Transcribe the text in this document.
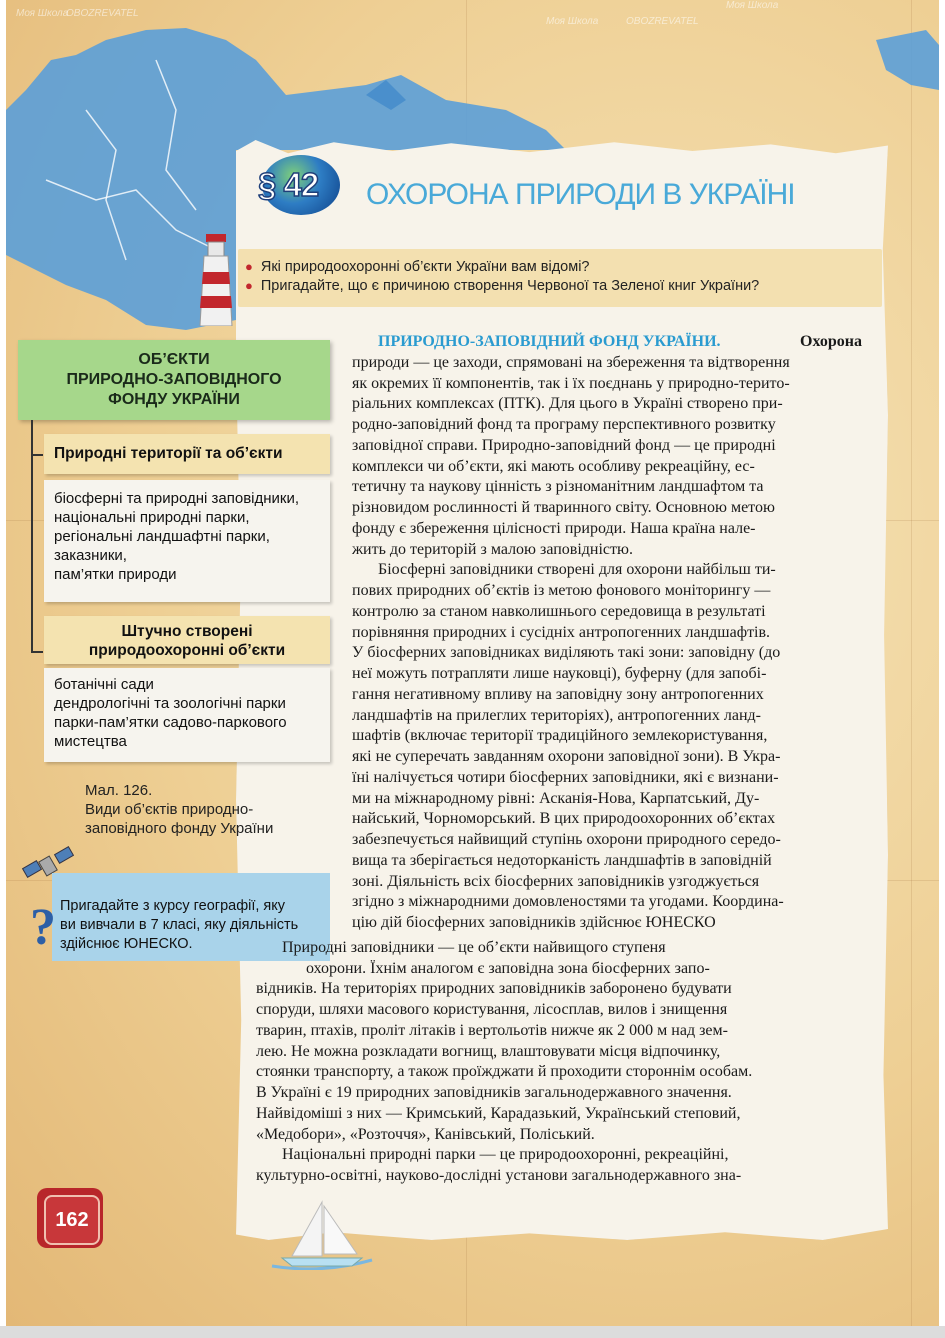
Моя Школа
OBOZREVATEL
Моя Школа	OBOZREVATEL
Моя Школа
§ 42 ОХОРОНА ПРИРОДИ В УКРАЇНІ
● Які природоохоронні об’єкти України вам відомі?
● Пригадайте, що є причиною створення Червоної та Зеленої книг України?
ОБ’ЄКТИ
ПРИРОДНО-ЗАПОВІДНОГО
ФОНДУ УКРАЇНИ
Природні території та об’єкти
біосферні та природні заповідники,
національні природні парки,
регіональні ландшафтні парки,
заказники,
пам’ятки природи
Штучно створені
природоохоронні об’єкти
ботанічні сади
дендрологічні та зоологічні парки
парки-пам’ятки садово-паркового
мистецтва
Мал. 126.
Види об’єктів природно-
заповідного фонду України
? Пригадайте з курсу географії, яку
ви вивчали в 7 класі, яку діяльність
здійснює ЮНЕСКО.
ПРИРОДНО-ЗАПОВІДНИЙ ФОНД УКРАЇНИ.	Охорона
природи — це заходи, спрямовані на збереження та відтворення
як окремих її компонентів, так і їх поєднань у природно-терито-
ріальних комплексах (ПТК). Для цього в Україні створено при-
родно-заповідний фонд та програму перспективного розвитку
заповідної справи. Природно-заповідний фонд — це природні
комплекси чи об’єкти, які мають особливу рекреаційну, ес-
тетичну та наукову цінність з різноманітним ландшафтом та
різновидом рослинності й тваринного світу. Основною метою
фонду є збереження цілісності природи. Наша країна нале-
жить до територій з малою заповідністю.
Біосферні заповідники створені для охорони найбільш ти-
пових природних об’єктів із метою фонового моніторингу —
контролю за станом навколишнього середовища в результаті
порівняння природних і сусідніх антропогенних ландшафтів.
У біосферних заповідниках виділяють такі зони: заповідну (до
неї можуть потрапляти лише науковці), буферну (для запобі-
гання негативному впливу на заповідну зону антропогенних
ландшафтів на прилеглих територіях), антропогенних ланд-
шафтів (включає території традиційного землекористування,
які не суперечать завданням охорони заповідної зони). В Укра-
їні налічується чотири біосферних заповідники, які є визнани-
ми на міжнародному рівні: Асканія-Нова, Карпатський, Ду-
найський, Чорноморський. В цих природоохоронних об’єктах
забезпечується найвищий ступінь охорони природного середо-
вища та зберігається недоторканість ландшафтів в заповідній
зоні. Діяльність всіх біосферних заповідників узгоджується
згідно з міжнародними домовленостями та угодами. Координа-
цію дій біосферних заповідників здійснює ЮНЕСКО
Природні заповідники — це об’єкти найвищого ступеня
охорони. Їхнім аналогом є заповідна зона біосферних запо-
відників. На територіях природних заповідників заборонено будувати
споруди, шляхи масового користування, лісосплав, вилов і знищення
тварин, птахів, проліт літаків і вертольотів нижче як 2 000 м над зем-
лею. Не можна розкладати вогнищ, влаштовувати місця відпочинку,
стоянки транспорту, а також проїжджати й проходити стороннім особам.
В Україні є 19 природних заповідників загальнодержавного значення.
Найвідоміші з них — Кримський, Карадазький, Український степовий,
«Медобори», «Розточчя», Канівський, Поліський.
Національні природні парки — це природоохоронні, рекреаційні,
культурно-освітні, науково-дослідні установи загальнодержавного зна-
162
